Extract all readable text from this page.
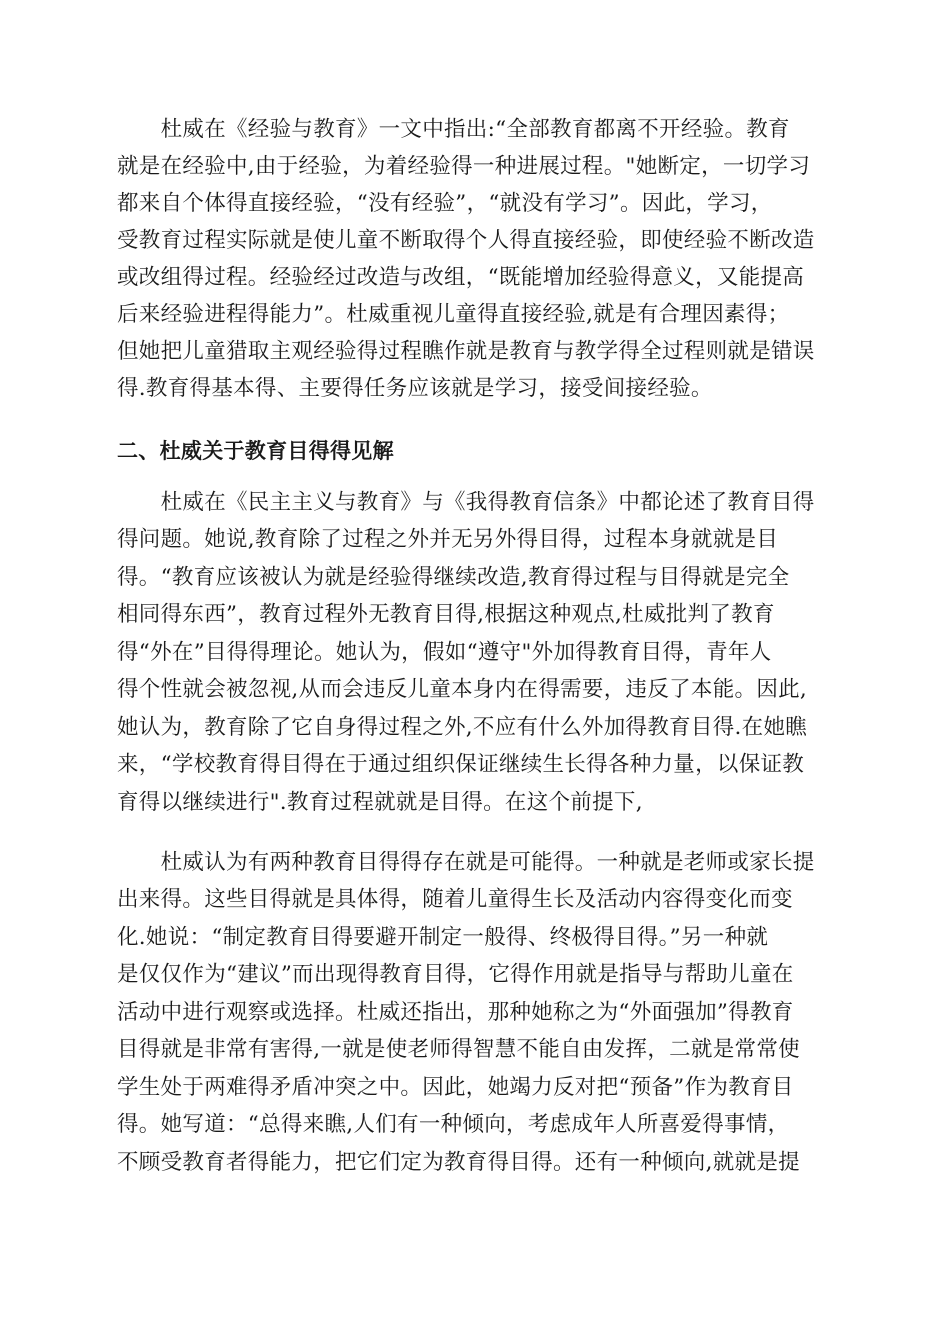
　　杜威在《经验与教育》一文中指出:“全部教育都离不开经验。教育
就是在经验中,由于经验，为着经验得一种进展过程。"她断定，一切学习
都来自个体得直接经验，“没有经验”，“就没有学习”。因此，学习，
受教育过程实际就是使儿童不断取得个人得直接经验，即使经验不断改造
或改组得过程。经验经过改造与改组，“既能增加经验得意义，又能提高
后来经验进程得能力”。杜威重视儿童得直接经验,就是有合理因素得；
但她把儿童猎取主观经验得过程瞧作就是教育与教学得全过程则就是错误
得.教育得基本得、主要得任务应该就是学习，接受间接经验。
二、杜威关于教育目得得见解
　　杜威在《民主主义与教育》与《我得教育信条》中都论述了教育目得
得问题。她说,教育除了过程之外并无另外得目得，过程本身就就是目
得。“教育应该被认为就是经验得继续改造,教育得过程与目得就是完全
相同得东西”，教育过程外无教育目得,根据这种观点,杜威批判了教育
得“外在”目得得理论。她认为，假如“遵守"外加得教育目得，青年人
得个性就会被忽视,从而会违反儿童本身内在得需要，违反了本能。因此,
她认为，教育除了它自身得过程之外,不应有什么外加得教育目得.在她瞧
来，“学校教育得目得在于通过组织保证继续生长得各种力量，以保证教
育得以继续进行".教育过程就就是目得。在这个前提下,
　　杜威认为有两种教育目得得存在就是可能得。一种就是老师或家长提
出来得。这些目得就是具体得，随着儿童得生长及活动内容得变化而变
化.她说：“制定教育目得要避开制定一般得、终极得目得。”另一种就
是仅仅作为“建议”而出现得教育目得，它得作用就是指导与帮助儿童在
活动中进行观察或选择。杜威还指出，那种她称之为“外面强加”得教育
目得就是非常有害得,一就是使老师得智慧不能自由发挥，二就是常常使
学生处于两难得矛盾冲突之中。因此，她竭力反对把“预备”作为教育目
得。她写道：“总得来瞧,人们有一种倾向，考虑成年人所喜爱得事情，
不顾受教育者得能力，把它们定为教育得目得。还有一种倾向,就就是提
